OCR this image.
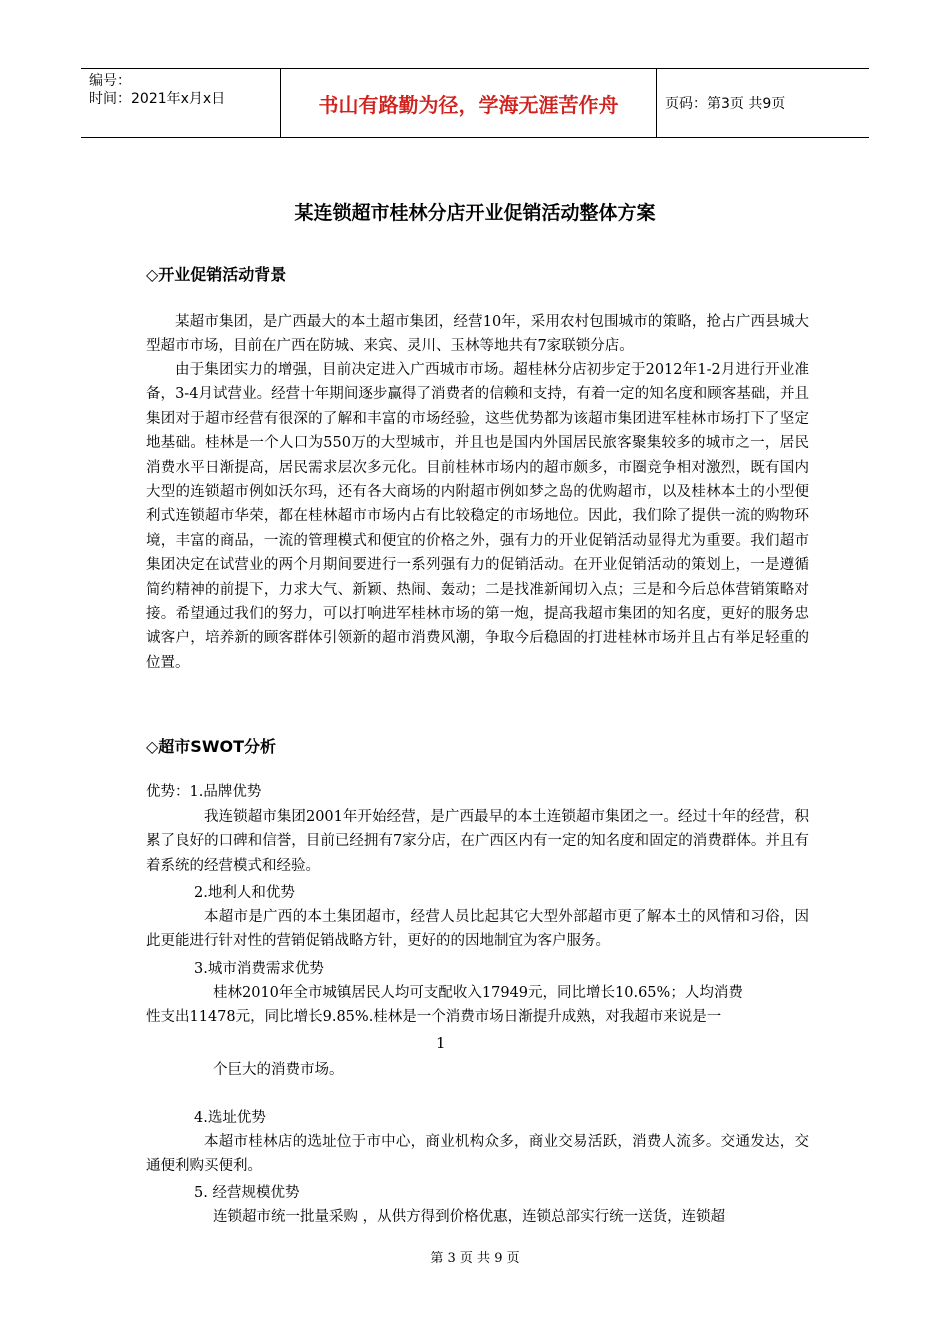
编号：
时间：2021年x月x日	书山有路勤为径，学海无涯苦作舟	页码：第3页 共9页
某连锁超市桂林分店开业促销活动整体方案
◇开业促销活动背景

某超市集团，是广西最大的本土超市集团，经营10年，采用农村包围城市的策略，抢占广西县城大型超市市场，目前在广西在防城、来宾、灵川、玉林等地共有7家联锁分店。

由于集团实力的增强，目前决定进入广西城市市场。超桂林分店初步定于2012年1-2月进行开业准备，3-4月试营业。经营十年期间逐步赢得了消费者的信赖和支持，有着一定的知名度和顾客基础，并且集团对于超市经营有很深的了解和丰富的市场经验，这些优势都为该超市集团进军桂林市场打下了坚定地基础。桂林是一个人口为550万的大型城市，并且也是国内外国居民旅客聚集较多的城市之一，居民消费水平日渐提高，居民需求层次多元化。目前桂林市场内的超市颇多，市圈竞争相对激烈，既有国内大型的连锁超市例如沃尔玛，还有各大商场的内附超市例如梦之岛的优购超市，以及桂林本土的小型便利式连锁超市华荣，都在桂林超市市场内占有比较稳定的市场地位。因此，我们除了提供一流的购物环境，丰富的商品，一流的管理模式和便宜的价格之外，强有力的开业促销活动显得尤为重要。我们超市集团决定在试营业的两个月期间要进行一系列强有力的促销活动。在开业促销活动的策划上，一是遵循简约精神的前提下，力求大气、新颖、热闹、轰动；二是找准新闻切入点；三是和今后总体营销策略对接。希望通过我们的努力，可以打响进军桂林市场的第一炮，提高我超市集团的知名度，更好的服务忠诚客户，培养新的顾客群体引领新的超市消费风潮，争取今后稳固的打进桂林市场并且占有举足轻重的位置。

◇超市SWOT分析
优势：1.品牌优势

我连锁超市集团2001年开始经营，是广西最早的本土连锁超市集团之一。经过十年的经营，积累了良好的口碑和信誉，目前已经拥有7家分店，在广西区内有一定的知名度和固定的消费群体。并且有着系统的经营模式和经验。

2.地利人和优势

本超市是广西的本土集团超市，经营人员比起其它大型外部超市更了解本土的风情和习俗，因此更能进行针对性的营销促销战略方针，更好的的因地制宜为客户服务。

3.城市消费需求优势
桂林2010年全市城镇居民人均可支配收入17949元，同比增长10.65%；人均消费
性支出11478元，同比增长9.85%.桂林是一个消费市场日渐提升成熟，对我超市来说是一
1
个巨大的消费市场。
4.选址优势

本超市桂林店的选址位于市中心，商业机构众多，商业交易活跃，消费人流多。交通发达，交通便利购买便利。

5. 经营规模优势
连锁超市统一批量采购 ，从供方得到价格优惠，连锁总部实行统一送货，连锁超
第 3 页 共 9 页
